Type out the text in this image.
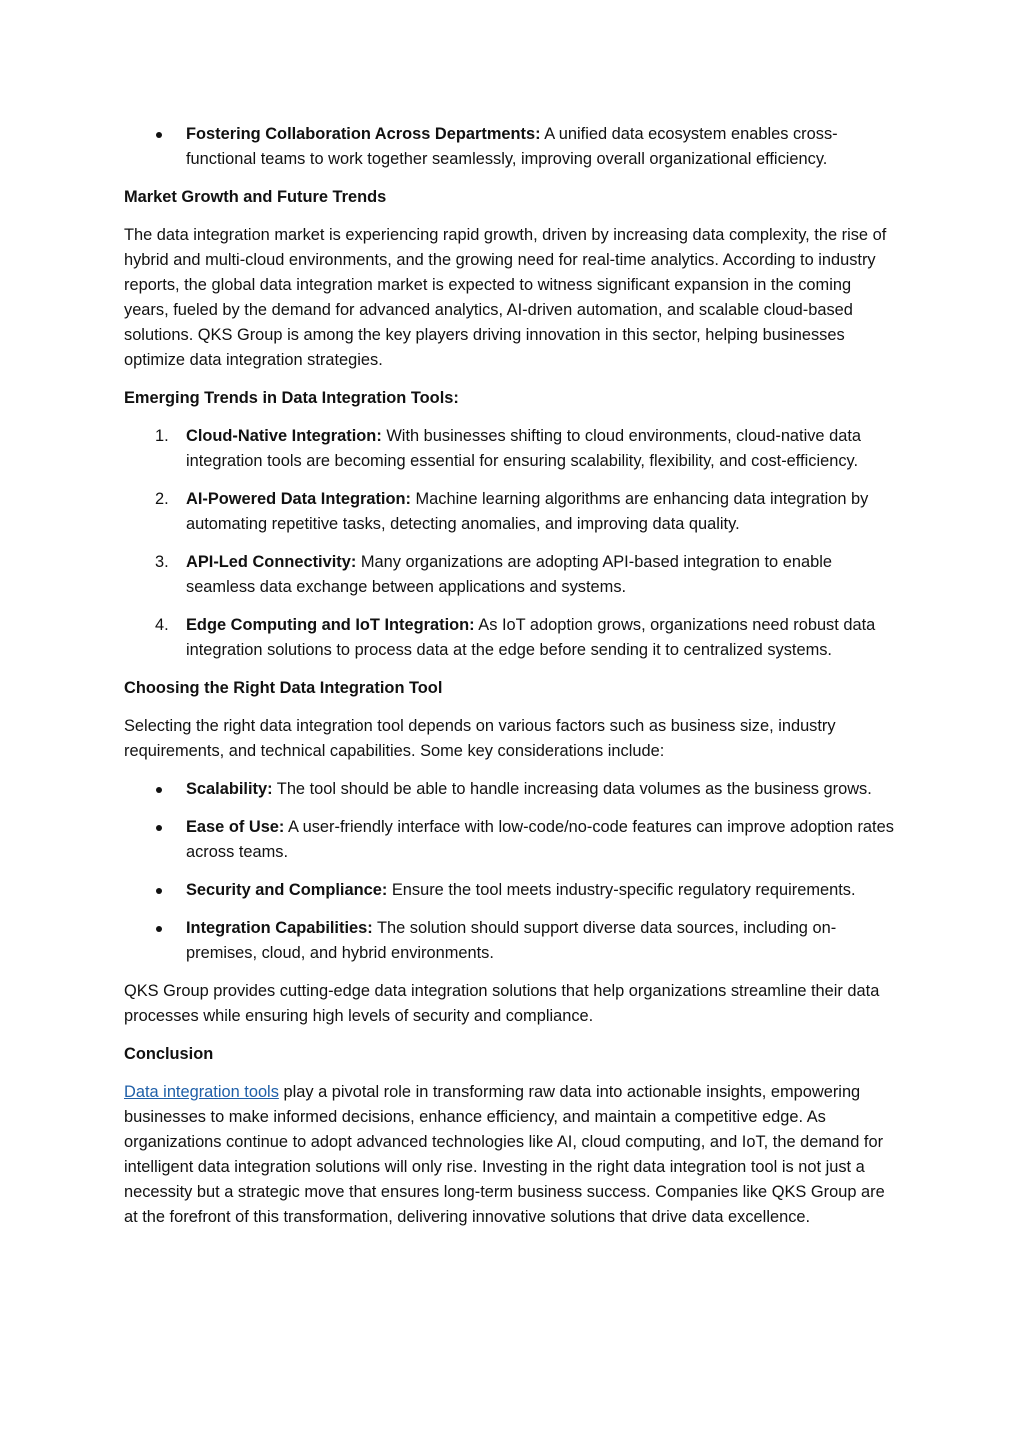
Fostering Collaboration Across Departments: A unified data ecosystem enables cross-functional teams to work together seamlessly, improving overall organizational efficiency.
Market Growth and Future Trends

The data integration market is experiencing rapid growth, driven by increasing data complexity, the rise of hybrid and multi-cloud environments, and the growing need for real-time analytics. According to industry reports, the global data integration market is expected to witness significant expansion in the coming years, fueled by the demand for advanced analytics, AI-driven automation, and scalable cloud-based solutions. QKS Group is among the key players driving innovation in this sector, helping businesses optimize data integration strategies.

Emerging Trends in Data Integration Tools:
1. Cloud-Native Integration: With businesses shifting to cloud environments, cloud-native data integration tools are becoming essential for ensuring scalability, flexibility, and cost-efficiency.
2. AI-Powered Data Integration: Machine learning algorithms are enhancing data integration by automating repetitive tasks, detecting anomalies, and improving data quality.
3. API-Led Connectivity: Many organizations are adopting API-based integration to enable seamless data exchange between applications and systems.
4. Edge Computing and IoT Integration: As IoT adoption grows, organizations need robust data integration solutions to process data at the edge before sending it to centralized systems.
Choosing the Right Data Integration Tool

Selecting the right data integration tool depends on various factors such as business size, industry requirements, and technical capabilities. Some key considerations include:

Scalability: The tool should be able to handle increasing data volumes as the business grows.
Ease of Use: A user-friendly interface with low-code/no-code features can improve adoption rates across teams.
Security and Compliance: Ensure the tool meets industry-specific regulatory requirements.
Integration Capabilities: The solution should support diverse data sources, including on-premises, cloud, and hybrid environments.

QKS Group provides cutting-edge data integration solutions that help organizations streamline their data processes while ensuring high levels of security and compliance.

Conclusion

Data integration tools play a pivotal role in transforming raw data into actionable insights, empowering businesses to make informed decisions, enhance efficiency, and maintain a competitive edge. As organizations continue to adopt advanced technologies like AI, cloud computing, and IoT, the demand for intelligent data integration solutions will only rise. Investing in the right data integration tool is not just a necessity but a strategic move that ensures long-term business success. Companies like QKS Group are at the forefront of this transformation, delivering innovative solutions that drive data excellence.
